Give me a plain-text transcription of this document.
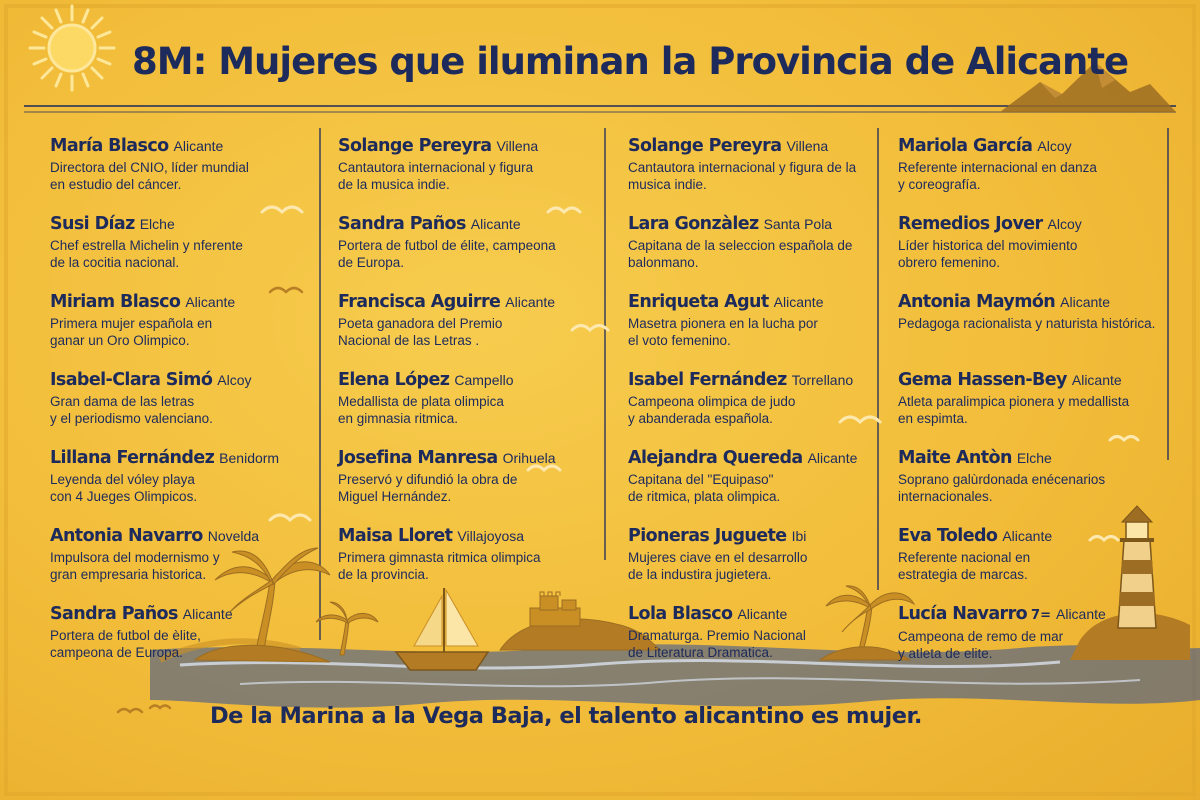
8M: Mujeres que iluminan la Provincia de Alicante
María Blasco Alicante
Directora del CNIO, líder mundial
en estudio del cáncer.
Susi Díaz Elche
Chef estrella Michelin y nferente
de la cocitia nacional.
Miriam Blasco Alicante
Primera mujer española en
ganar un Oro Olimpico.
Isabel-Clara Simó Alcoy
Gran dama de las letras
y el periodismo valenciano.
Lillana Fernández Benidorm
Leyenda del vóley playa
con 4 Jueges Olimpicos.
Antonia Navarro Novelda
Impulsora del modernismo y
gran empresaria historica.
Sandra Paños Alicante
Portera de futbol de èlite,
campeona de Europa.
Solange Pereyra Villena
Cantautora internacional y figura
de la musica indie.
Sandra Paños Alicante
Portera de futbol de élite, campeona
de Europa.
Francisca Aguirre Alicante
Poeta ganadora del Premio
Nacional de las Letras .
Elena López Campello
Medallista de plata olimpica
en gimnasia ritmica.
Josefina Manresa Orihuela
Preservó y difundió la obra de
Miguel Hernández.
Maisa Lloret Villajoyosa
Primera gimnasta ritmica olimpica
de la provincia.
Solange Pereyra Villena
Cantautora internacional y figura de la
musica indie.
Lara Gonzàlez Santa Pola
Capitana de la seleccion española de
balonmano.
Enriqueta Agut Alicante
Masetra pionera en la lucha por
el voto femenino.
Isabel Fernández Torrellano
Campeona olimpica de judo
y abanderada española.
Alejandra Quereda Alicante
Capitana del "Equipaso"
de ritmica, plata olimpica.
Pioneras Juguete Ibi
Mujeres ciave en el desarrollo
de la industira jugietera.
Lola Blasco Alicante
Dramaturga. Premio Nacional
de Literatura Dramatica.
Mariola García Alcoy
Referente internacional en danza
y coreografía.
Remedios Jover Alcoy
Líder historica del movimiento
obrero femenino.
Antonia Maymón Alicante
Pedagoga racionalista y naturista histórica.
Gema Hassen-Bey Alicante
Atleta paralimpica pionera y medallista
en espimta.
Maite Antòn Elche
Soprano galùrdonada enécenarios
internacionales.
Eva Toledo Alicante
Referente nacional en
estrategia de marcas.
Lucía Navarro 7= Alicante
Campeona de remo de mar
y atleta de elite.

De la Marina a la Vega Baja, el talento alicantino es mujer.
